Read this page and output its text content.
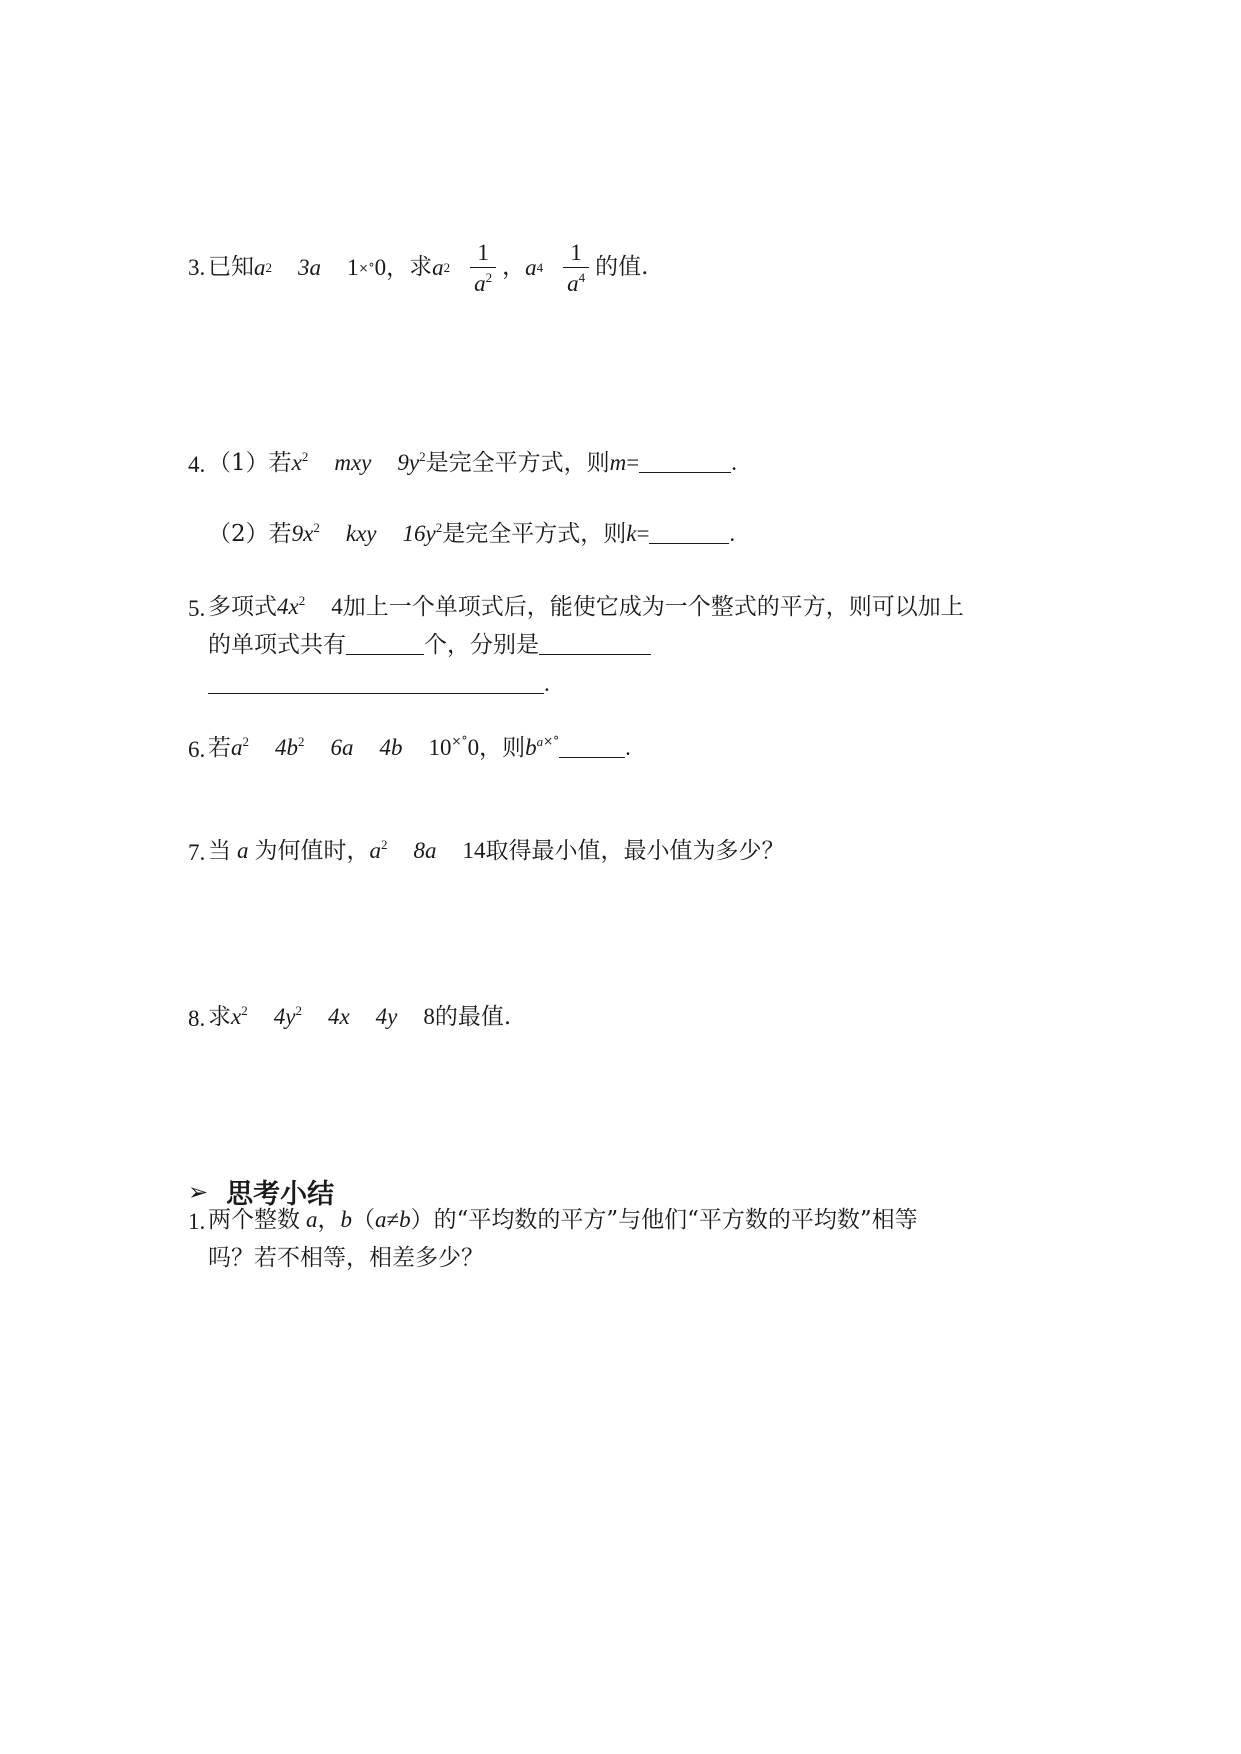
3. 已知 a 2 3a 1 ×° 0， 求 a $2 \frac{1}{a^2}$ ， a $4 \frac{1}{a^4}$ 的值.
4. （1）若$x^2$ mxy $9y^2$是完全平方式，则m=	.
（2）若$9x^2$ kxy $16y^2$是完全平方式，则k=	.
5. 多项式$4x^2$ 4加上一个单项式后，能使它成为一个整式的平方，则可以加上
的单项式共有	个，分别是
.
6. 若$a^2$ $4b^2$ 6a 4b 10×°0，则$b^{a\times^\circ}$	.
7. 当 a 为何值时，$a^2$ 8a 14取得最小值，最小值为多少？
8. 求$x^2$ $4y^2$ 4x 4y 8的最值.
➢ 思考小结
1. 两个整数 a，b（a≠b）的“平均数的平方”与他们“平方数的平均数”相等
吗？若不相等，相差多少？
